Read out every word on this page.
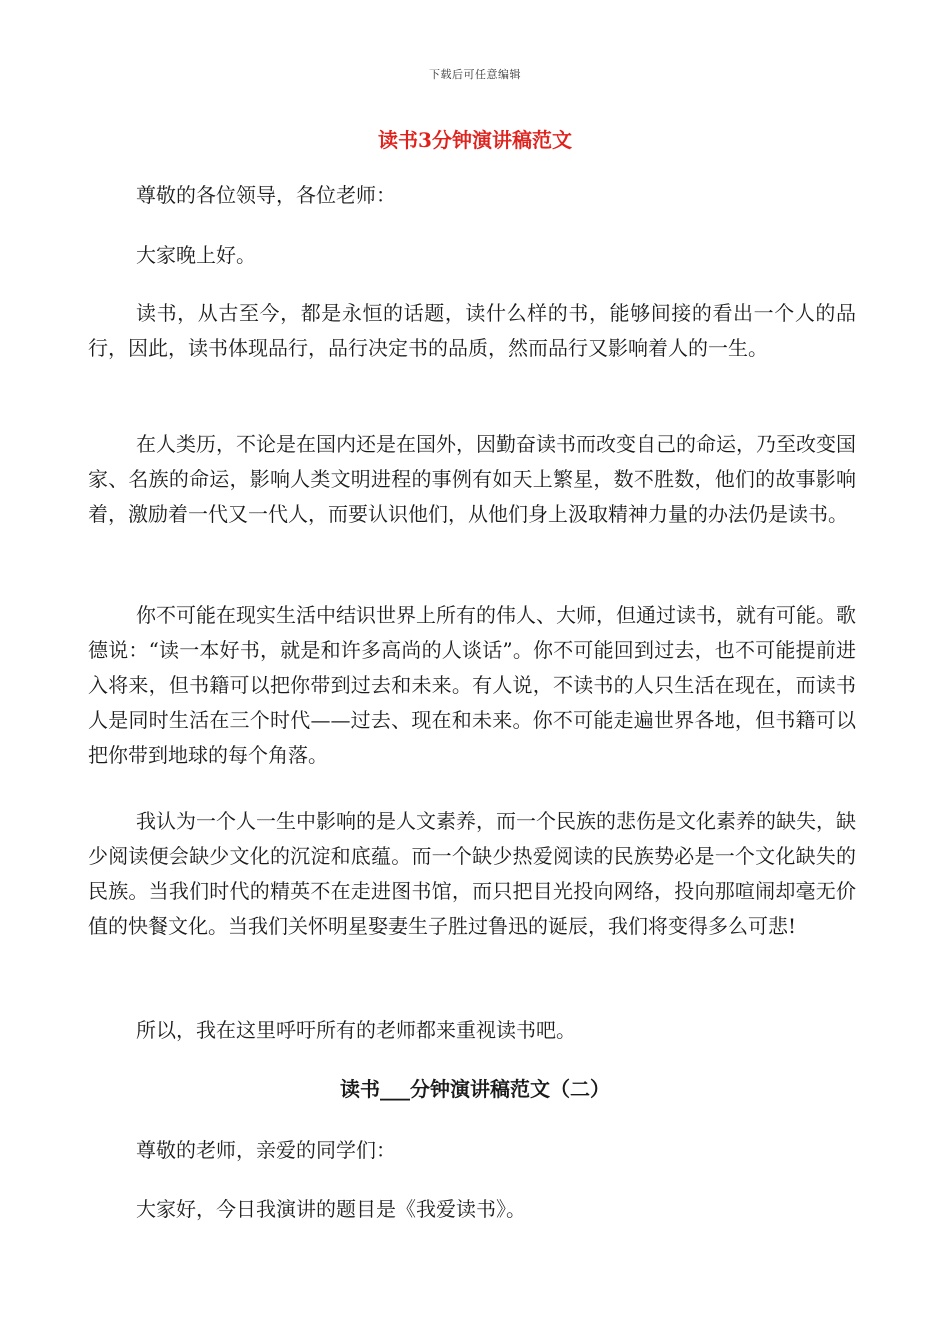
下载后可任意编辑
读书3分钟演讲稿范文

尊敬的各位领导，各位老师：

大家晚上好。

读书，从古至今，都是永恒的话题，读什么样的书，能够间接的看出一个人的品行，因此，读书体现品行，品行决定书的品质，然而品行又影响着人的一生。

在人类历，不论是在国内还是在国外，因勤奋读书而改变自己的命运，乃至改变国家、名族的命运，影响人类文明进程的事例有如天上繁星，数不胜数，他们的故事影响着，激励着一代又一代人，而要认识他们，从他们身上汲取精神力量的办法仍是读书。

你不可能在现实生活中结识世界上所有的伟人、大师，但通过读书，就有可能。歌德说：“读一本好书，就是和许多高尚的人谈话”。你不可能回到过去，也不可能提前进入将来，但书籍可以把你带到过去和未来。有人说，不读书的人只生活在现在，而读书人是同时生活在三个时代——过去、现在和未来。你不可能走遍世界各地，但书籍可以把你带到地球的每个角落。

我认为一个人一生中影响的是人文素养，而一个民族的悲伤是文化素养的缺失，缺少阅读便会缺少文化的沉淀和底蕴。而一个缺少热爱阅读的民族势必是一个文化缺失的民族。当我们时代的精英不在走进图书馆，而只把目光投向网络，投向那喧闹却毫无价值的快餐文化。当我们关怀明星娶妻生子胜过鲁迅的诞辰，我们将变得多么可悲!

所以，我在这里呼吁所有的老师都来重视读书吧。

读书___分钟演讲稿范文（二）

尊敬的老师，亲爱的同学们：

大家好，今日我演讲的题目是《我爱读书》。
